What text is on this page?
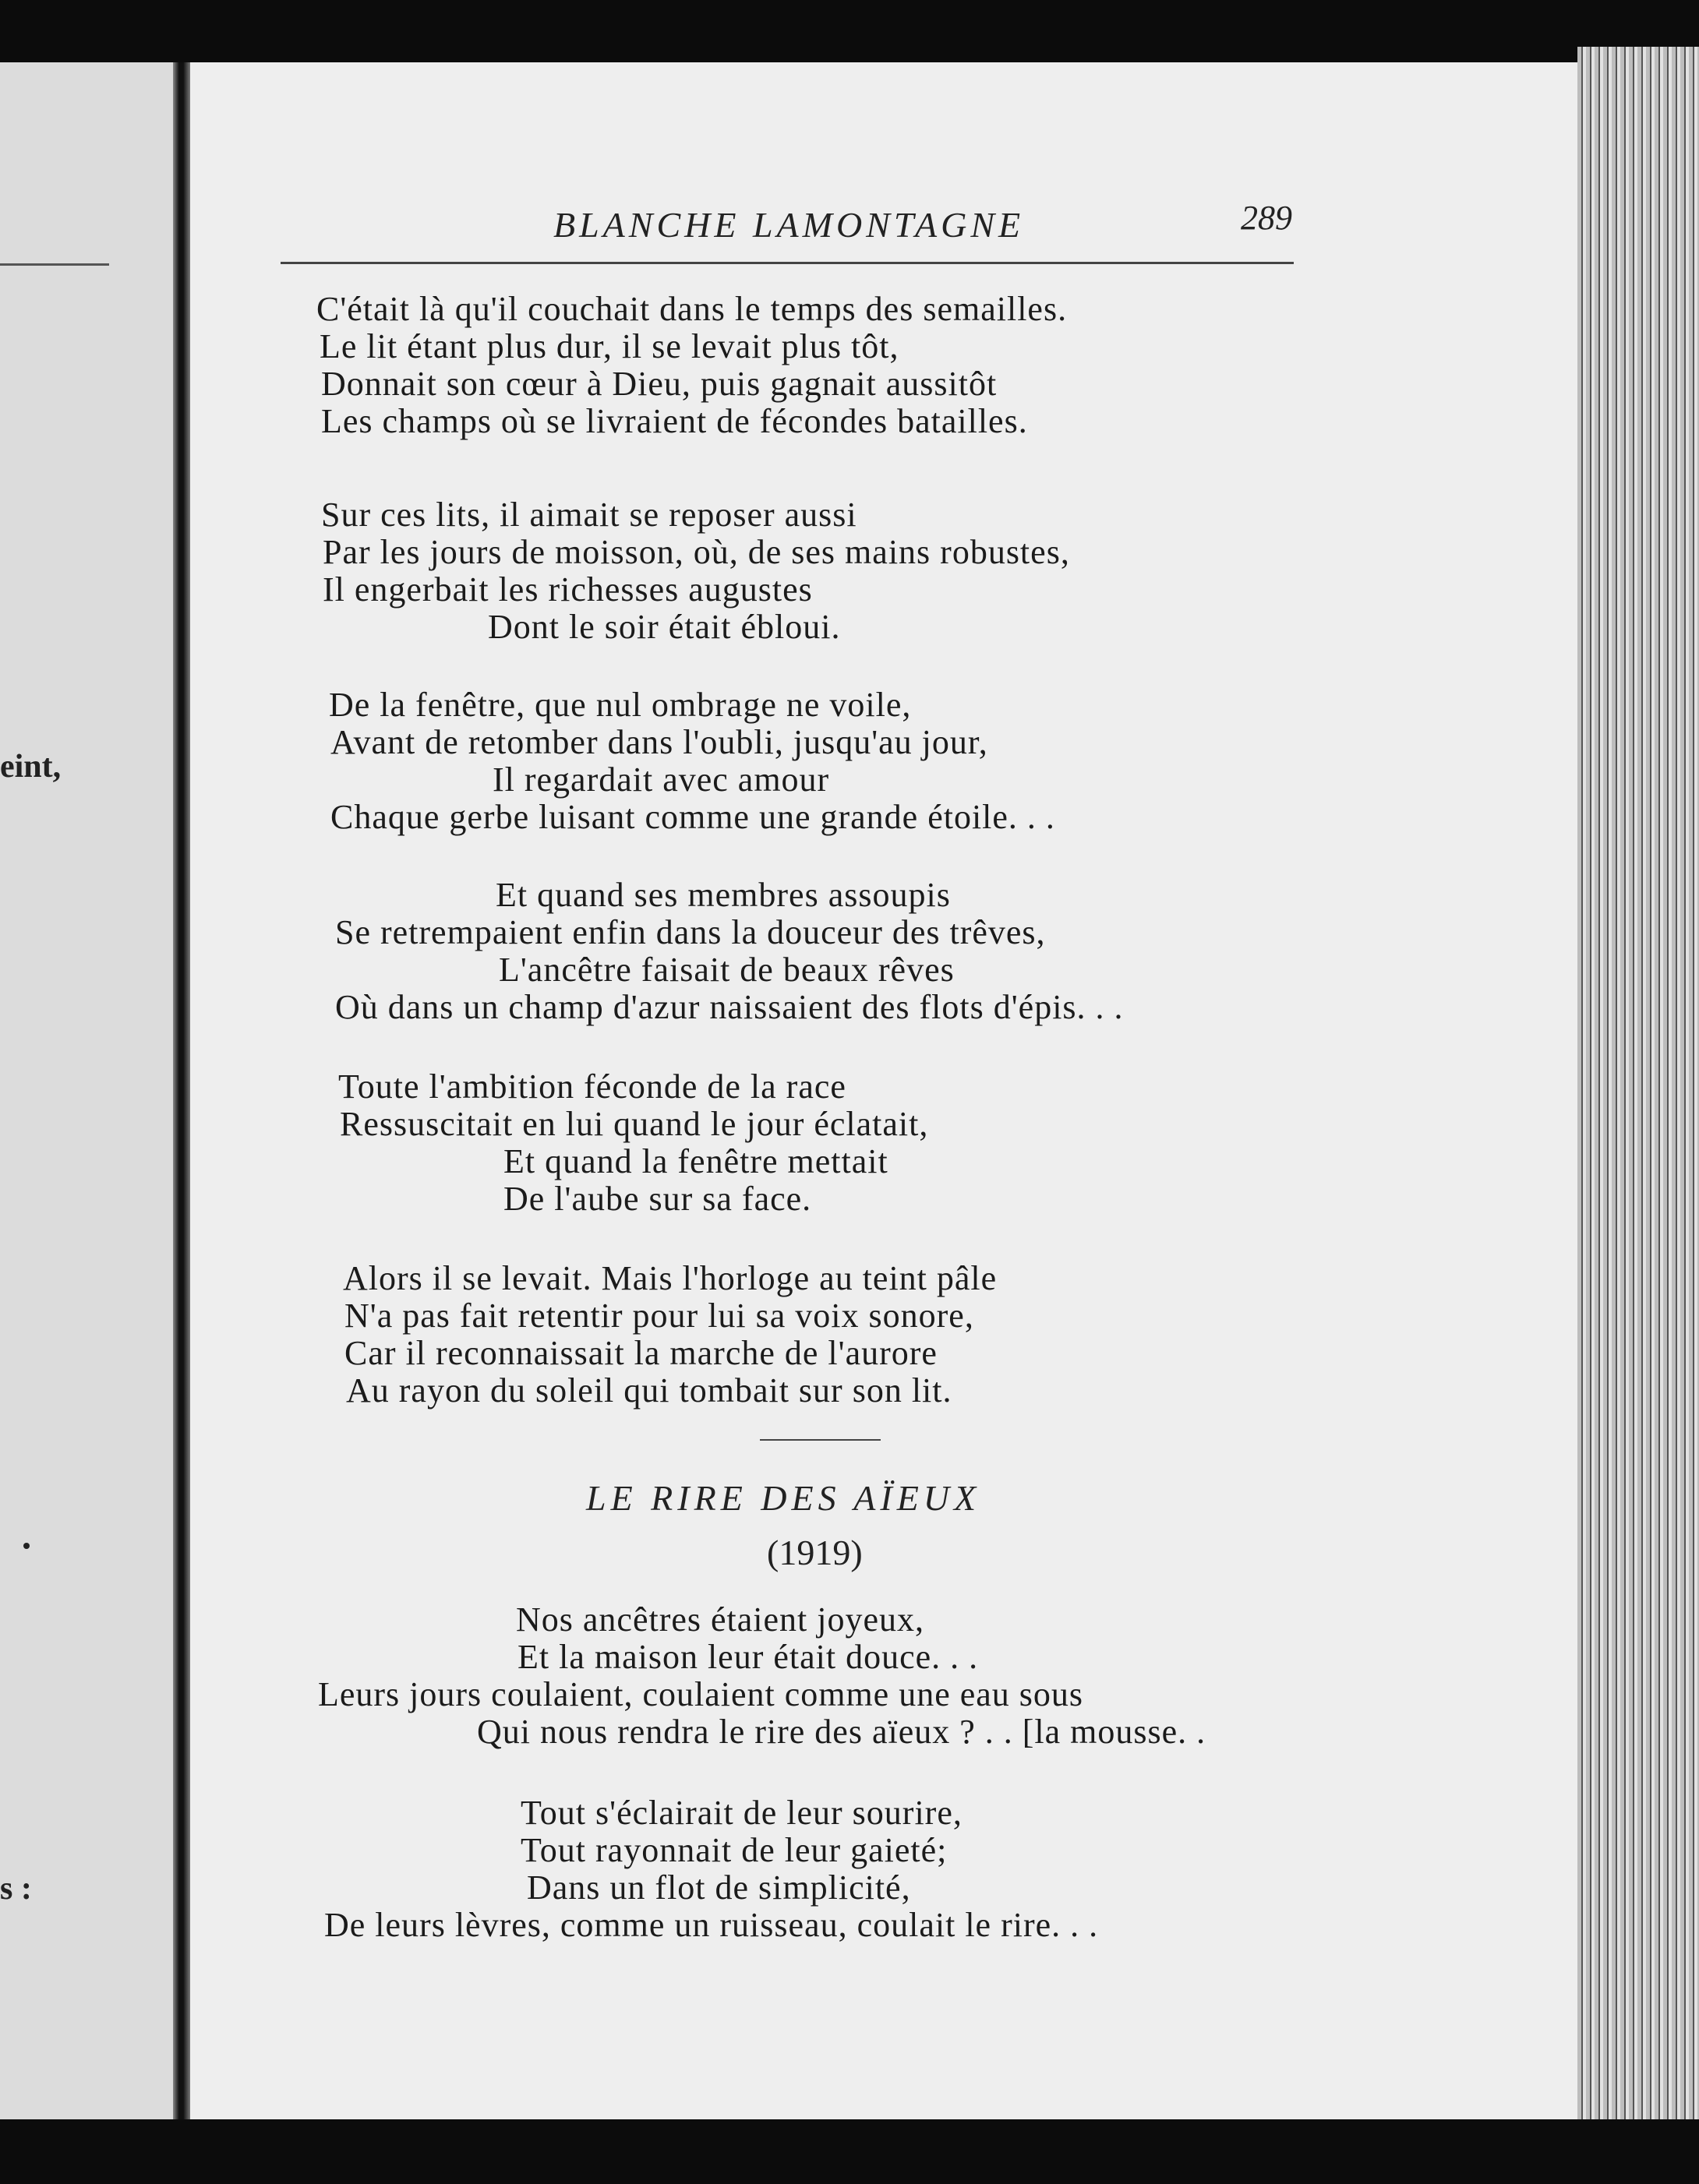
eint,
s :
BLANCHE LAMONTAGNE	289
C'était là qu'il couchait dans le temps des semailles.
Le lit étant plus dur, il se levait plus tôt,
Donnait son cœur à Dieu, puis gagnait aussitôt
Les champs où se livraient de fécondes batailles.
Sur ces lits, il aimait se reposer aussi
Par les jours de moisson, où, de ses mains robustes,
Il engerbait les richesses augustes
Dont le soir était ébloui.
De la fenêtre, que nul ombrage ne voile,
Avant de retomber dans l'oubli, jusqu'au jour,
Il regardait avec amour
Chaque gerbe luisant comme une grande étoile. . .
Et quand ses membres assoupis
Se retrempaient enfin dans la douceur des trêves,
L'ancêtre faisait de beaux rêves
Où dans un champ d'azur naissaient des flots d'épis. . .
Toute l'ambition féconde de la race
Ressuscitait en lui quand le jour éclatait,
Et quand la fenêtre mettait
De l'aube sur sa face.
Alors il se levait. Mais l'horloge au teint pâle
N'a pas fait retentir pour lui sa voix sonore,
Car il reconnaissait la marche de l'aurore
Au rayon du soleil qui tombait sur son lit.
LE RIRE DES AÏEUX
(1919)
Nos ancêtres étaient joyeux,
Et la maison leur était douce. . .
Leurs jours coulaient, coulaient comme une eau sous
Qui nous rendra le rire des aïeux ? . . [la mousse. .
Tout s'éclairait de leur sourire,
Tout rayonnait de leur gaieté;
Dans un flot de simplicité,
De leurs lèvres, comme un ruisseau, coulait le rire. . .
